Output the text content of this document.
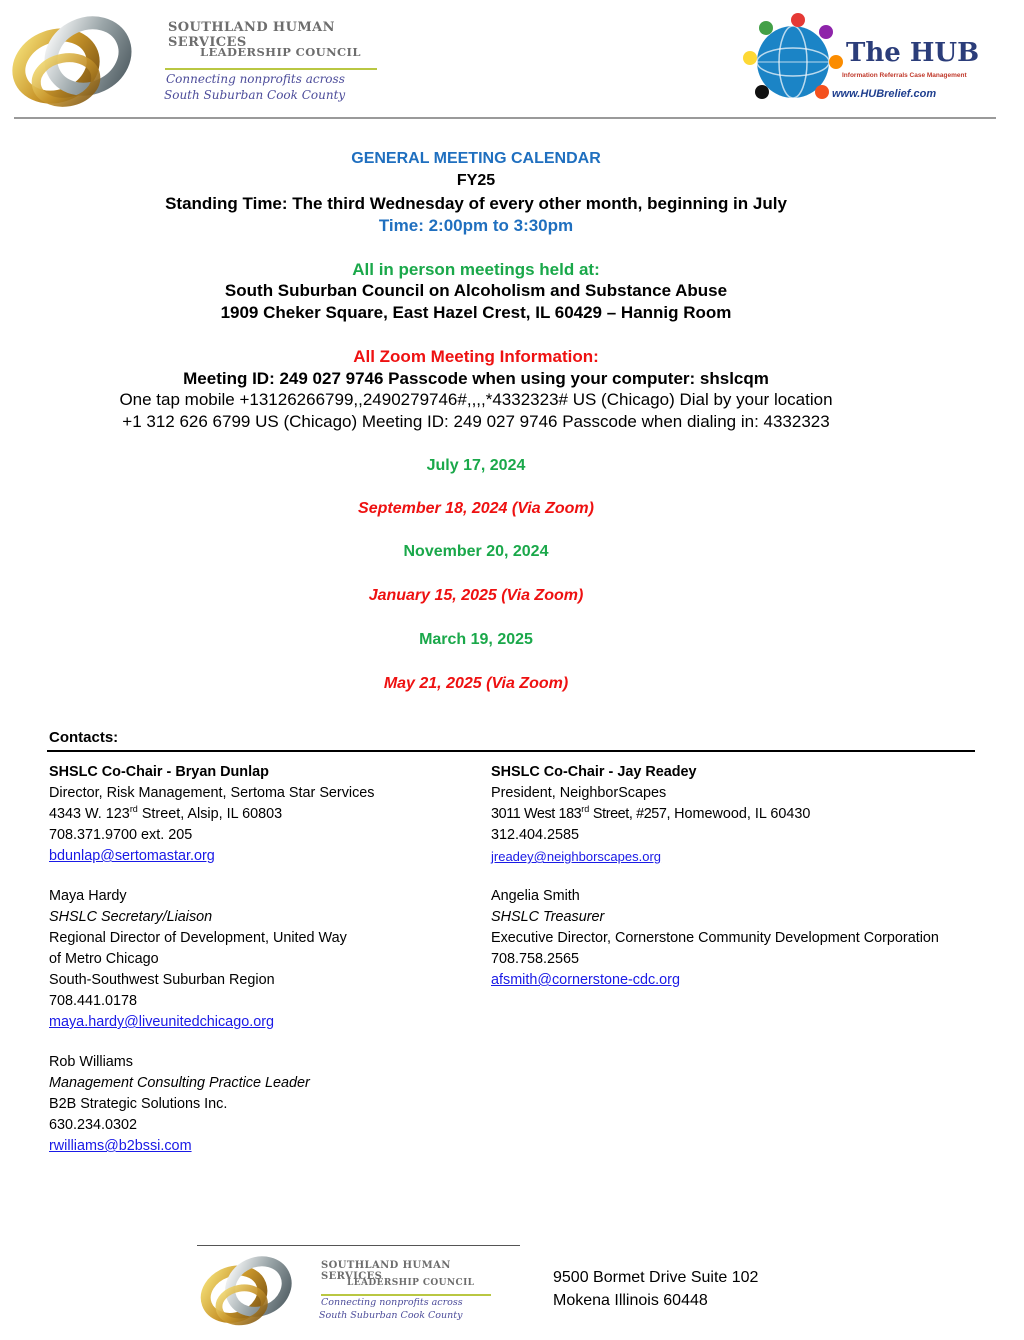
SOUTHLAND HUMAN SERVICES
LEADERSHIP COUNCIL
Connecting nonprofits across
South Suburban Cook County
The HUB
Information Referrals Case Management
www.HUBrelief.com
GENERAL MEETING CALENDAR
FY25
Standing Time: The third Wednesday of every other month, beginning in July
Time: 2:00pm to 3:30pm
All in person meetings held at:
South Suburban Council on Alcoholism and Substance Abuse
1909 Cheker Square, East Hazel Crest, IL 60429 – Hannig Room
All Zoom Meeting Information:
Meeting ID: 249 027 9746 Passcode when using your computer: shslcqm
One tap mobile +13126266799,,2490279746#,,,,*4332323# US (Chicago) Dial by your location
+1 312 626 6799 US (Chicago) Meeting ID: 249 027 9746 Passcode when dialing in: 4332323
July 17, 2024
September 18, 2024 (Via Zoom)
November 20, 2024
January 15, 2025 (Via Zoom)
March 19, 2025
May 21, 2025 (Via Zoom)
Contacts:
SHSLC Co-Chair - Bryan Dunlap
Director, Risk Management, Sertoma Star Services
4343 W. 123rd Street, Alsip, IL 60803
708.371.9700 ext. 205
bdunlap@sertomastar.org
Maya Hardy
SHSLC Secretary/Liaison
Regional Director of Development, United Way
of Metro Chicago
South-Southwest Suburban Region
708.441.0178
maya.hardy@liveunitedchicago.org
Rob Williams
Management Consulting Practice Leader
B2B Strategic Solutions Inc.
630.234.0302
rwilliams@b2bssi.com
SHSLC Co-Chair - Jay Readey
President, NeighborScapes
3011 West 183rd Street, #257, Homewood, IL 60430
312.404.2585
jreadey@neighborscapes.org
Angelia Smith
SHSLC Treasurer
Executive Director, Cornerstone Community Development Corporation
708.758.2565
afsmith@cornerstone-cdc.org
SOUTHLAND HUMAN SERVICES
LEADERSHIP COUNCIL
Connecting nonprofits across
South Suburban Cook County
9500 Bormet Drive Suite 102
Mokena Illinois 60448
